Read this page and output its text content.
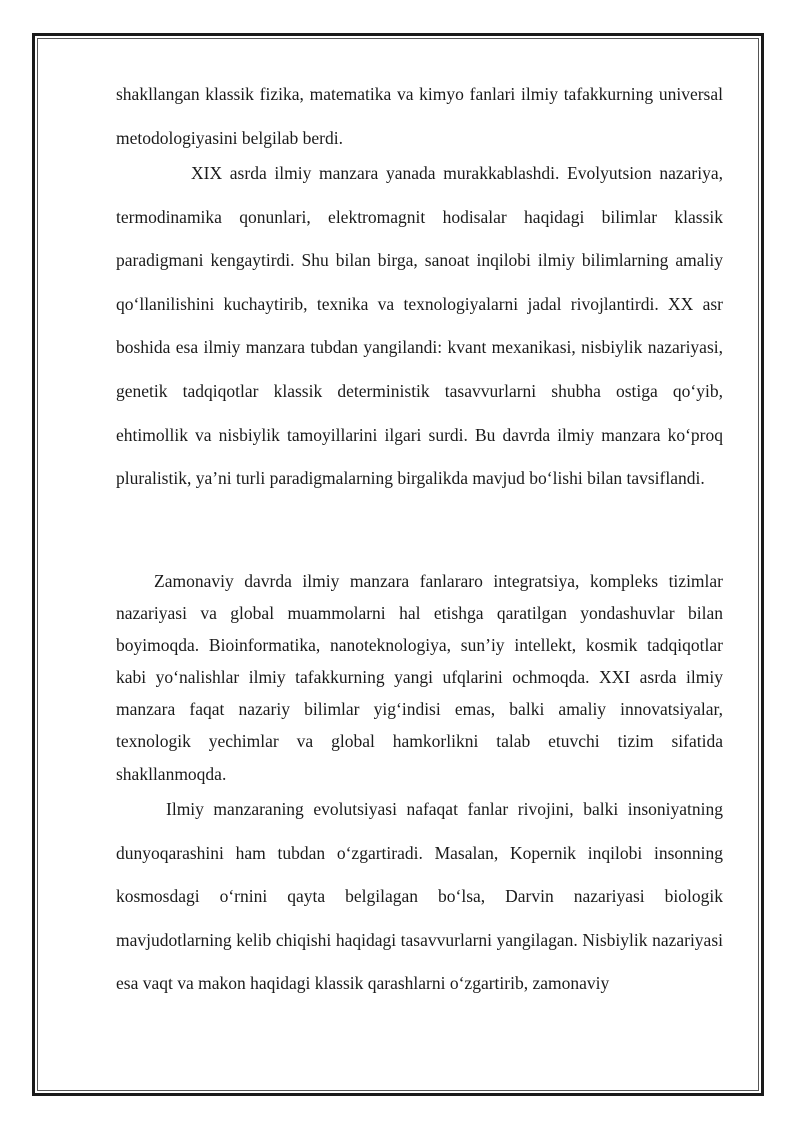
shakllangan klassik fizika, matematika va kimyo fanlari ilmiy tafakkurning universal metodologiyasini belgilab berdi.

XIX asrda ilmiy manzara yanada murakkablashdi. Evolyutsion nazariya, termodinamika qonunlari, elektromagnit hodisalar haqidagi bilimlar klassik paradigmani kengaytirdi. Shu bilan birga, sanoat inqilobi ilmiy bilimlarning amaliy qo‘llanilishini kuchaytirib, texnika va texnologiyalarni jadal rivojlantirdi. XX asr boshida esa ilmiy manzara tubdan yangilandi: kvant mexanikasi, nisbiylik nazariyasi, genetik tadqiqotlar klassik deterministik tasavvurlarni shubha ostiga qo‘yib, ehtimollik va nisbiylik tamoyillarini ilgari surdi. Bu davrda ilmiy manzara ko‘proq pluralistik, ya’ni turli paradigmalarning birgalikda mavjud bo‘lishi bilan tavsiflandi.

Zamonaviy davrda ilmiy manzara fanlararo integratsiya, kompleks tizimlar nazariyasi va global muammolarni hal etishga qaratilgan yondashuvlar bilan boyimoqda. Bioinformatika, nanoteknologiya, sun’iy intellekt, kosmik tadqiqotlar kabi yo‘nalishlar ilmiy tafakkurning yangi ufqlarini ochmoqda. XXI asrda ilmiy manzara faqat nazariy bilimlar yig‘indisi emas, balki amaliy innovatsiyalar, texnologik yechimlar va global hamkorlikni talab etuvchi tizim sifatida shakllanmoqda.

Ilmiy manzaraning evolutsiyasi nafaqat fanlar rivojini, balki insoniyatning dunyoqarashini ham tubdan o‘zgartiradi. Masalan, Kopernik inqilobi insonning kosmosdagi o‘rnini qayta belgilagan bo‘lsa, Darvin nazariyasi biologik mavjudotlarning kelib chiqishi haqidagi tasavvurlarni yangilagan. Nisbiylik nazariyasi esa vaqt va makon haqidagi klassik qarashlarni o‘zgartirib, zamonaviy
